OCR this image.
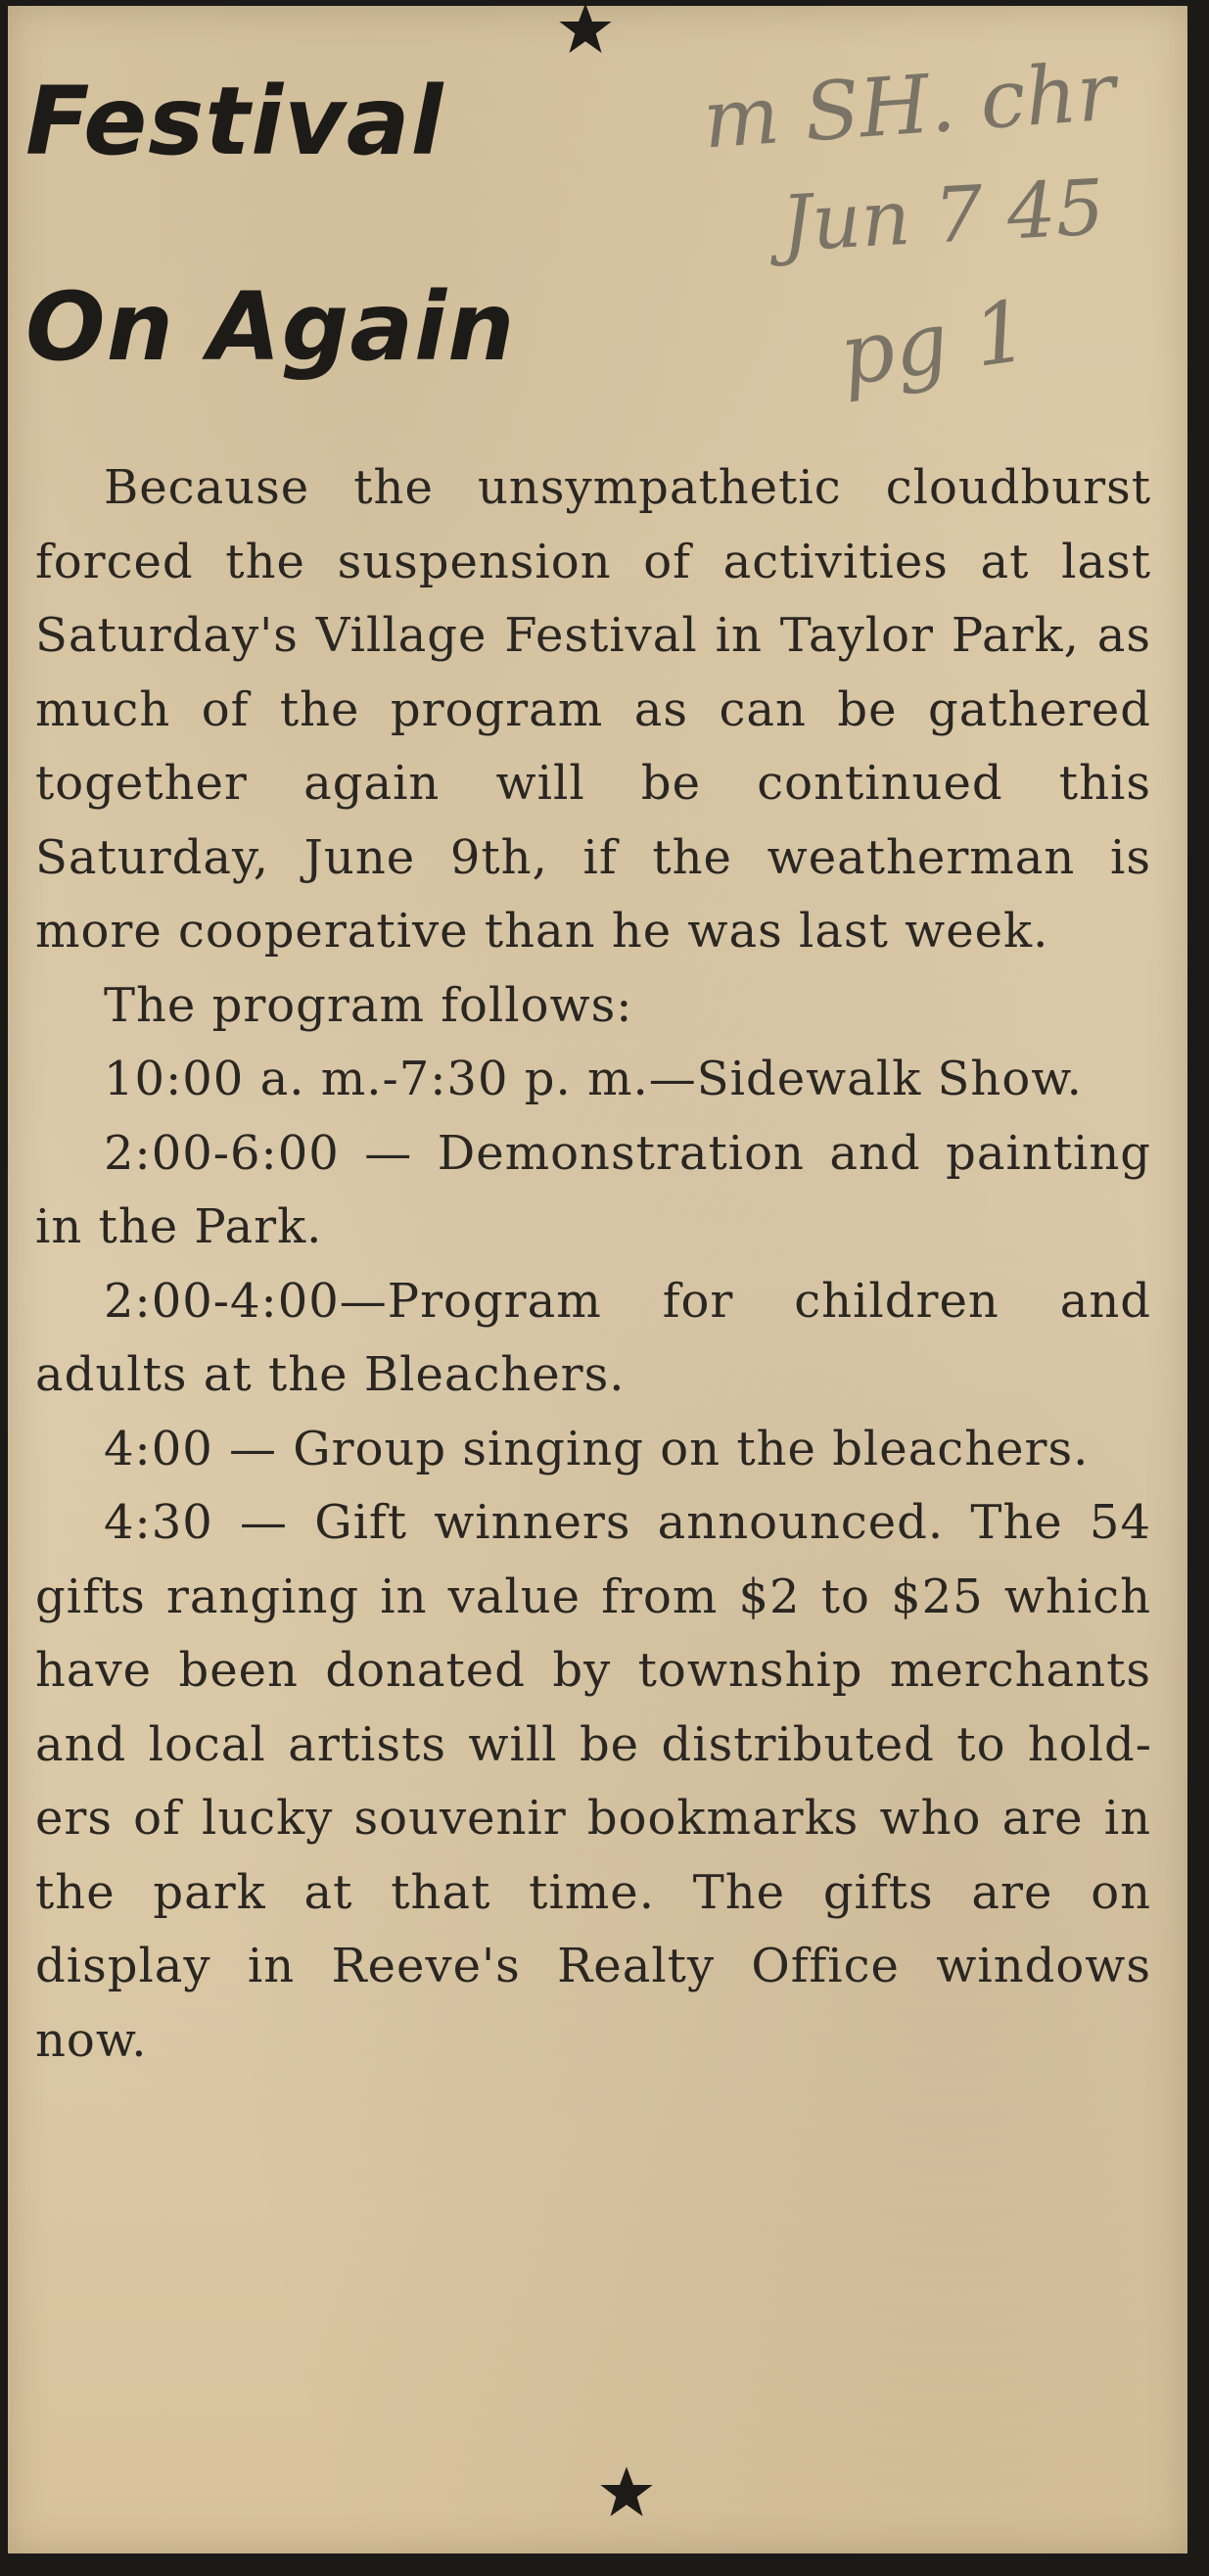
Festival
On Again
m SH. chr
Jun 7 45
pg 1

Because the unsympathetic cloudburst forced the suspension of activities at last Saturday's Village Festival in Taylor Park, as much of the program as can be gathered together again will be continued this Saturday, June 9th, if the weatherman is more cooperative than he was last week.

The program follows:

10:00 a. m.-7:30 p. m.—Sidewalk Show.

2:00-6:00 — Demonstration and painting in the Park.

2:00-4:00—Program for children and adults at the Bleachers.

4:00 — Group singing on the bleachers.

4:30 — Gift winners announced. The 54 gifts ranging in value from $2 to $25 which have been donated by township merchants and local artists will be distributed to holders of lucky souvenir bookmarks who are in the park at that time. The gifts are on display in Reeve's Realty Office windows now.
